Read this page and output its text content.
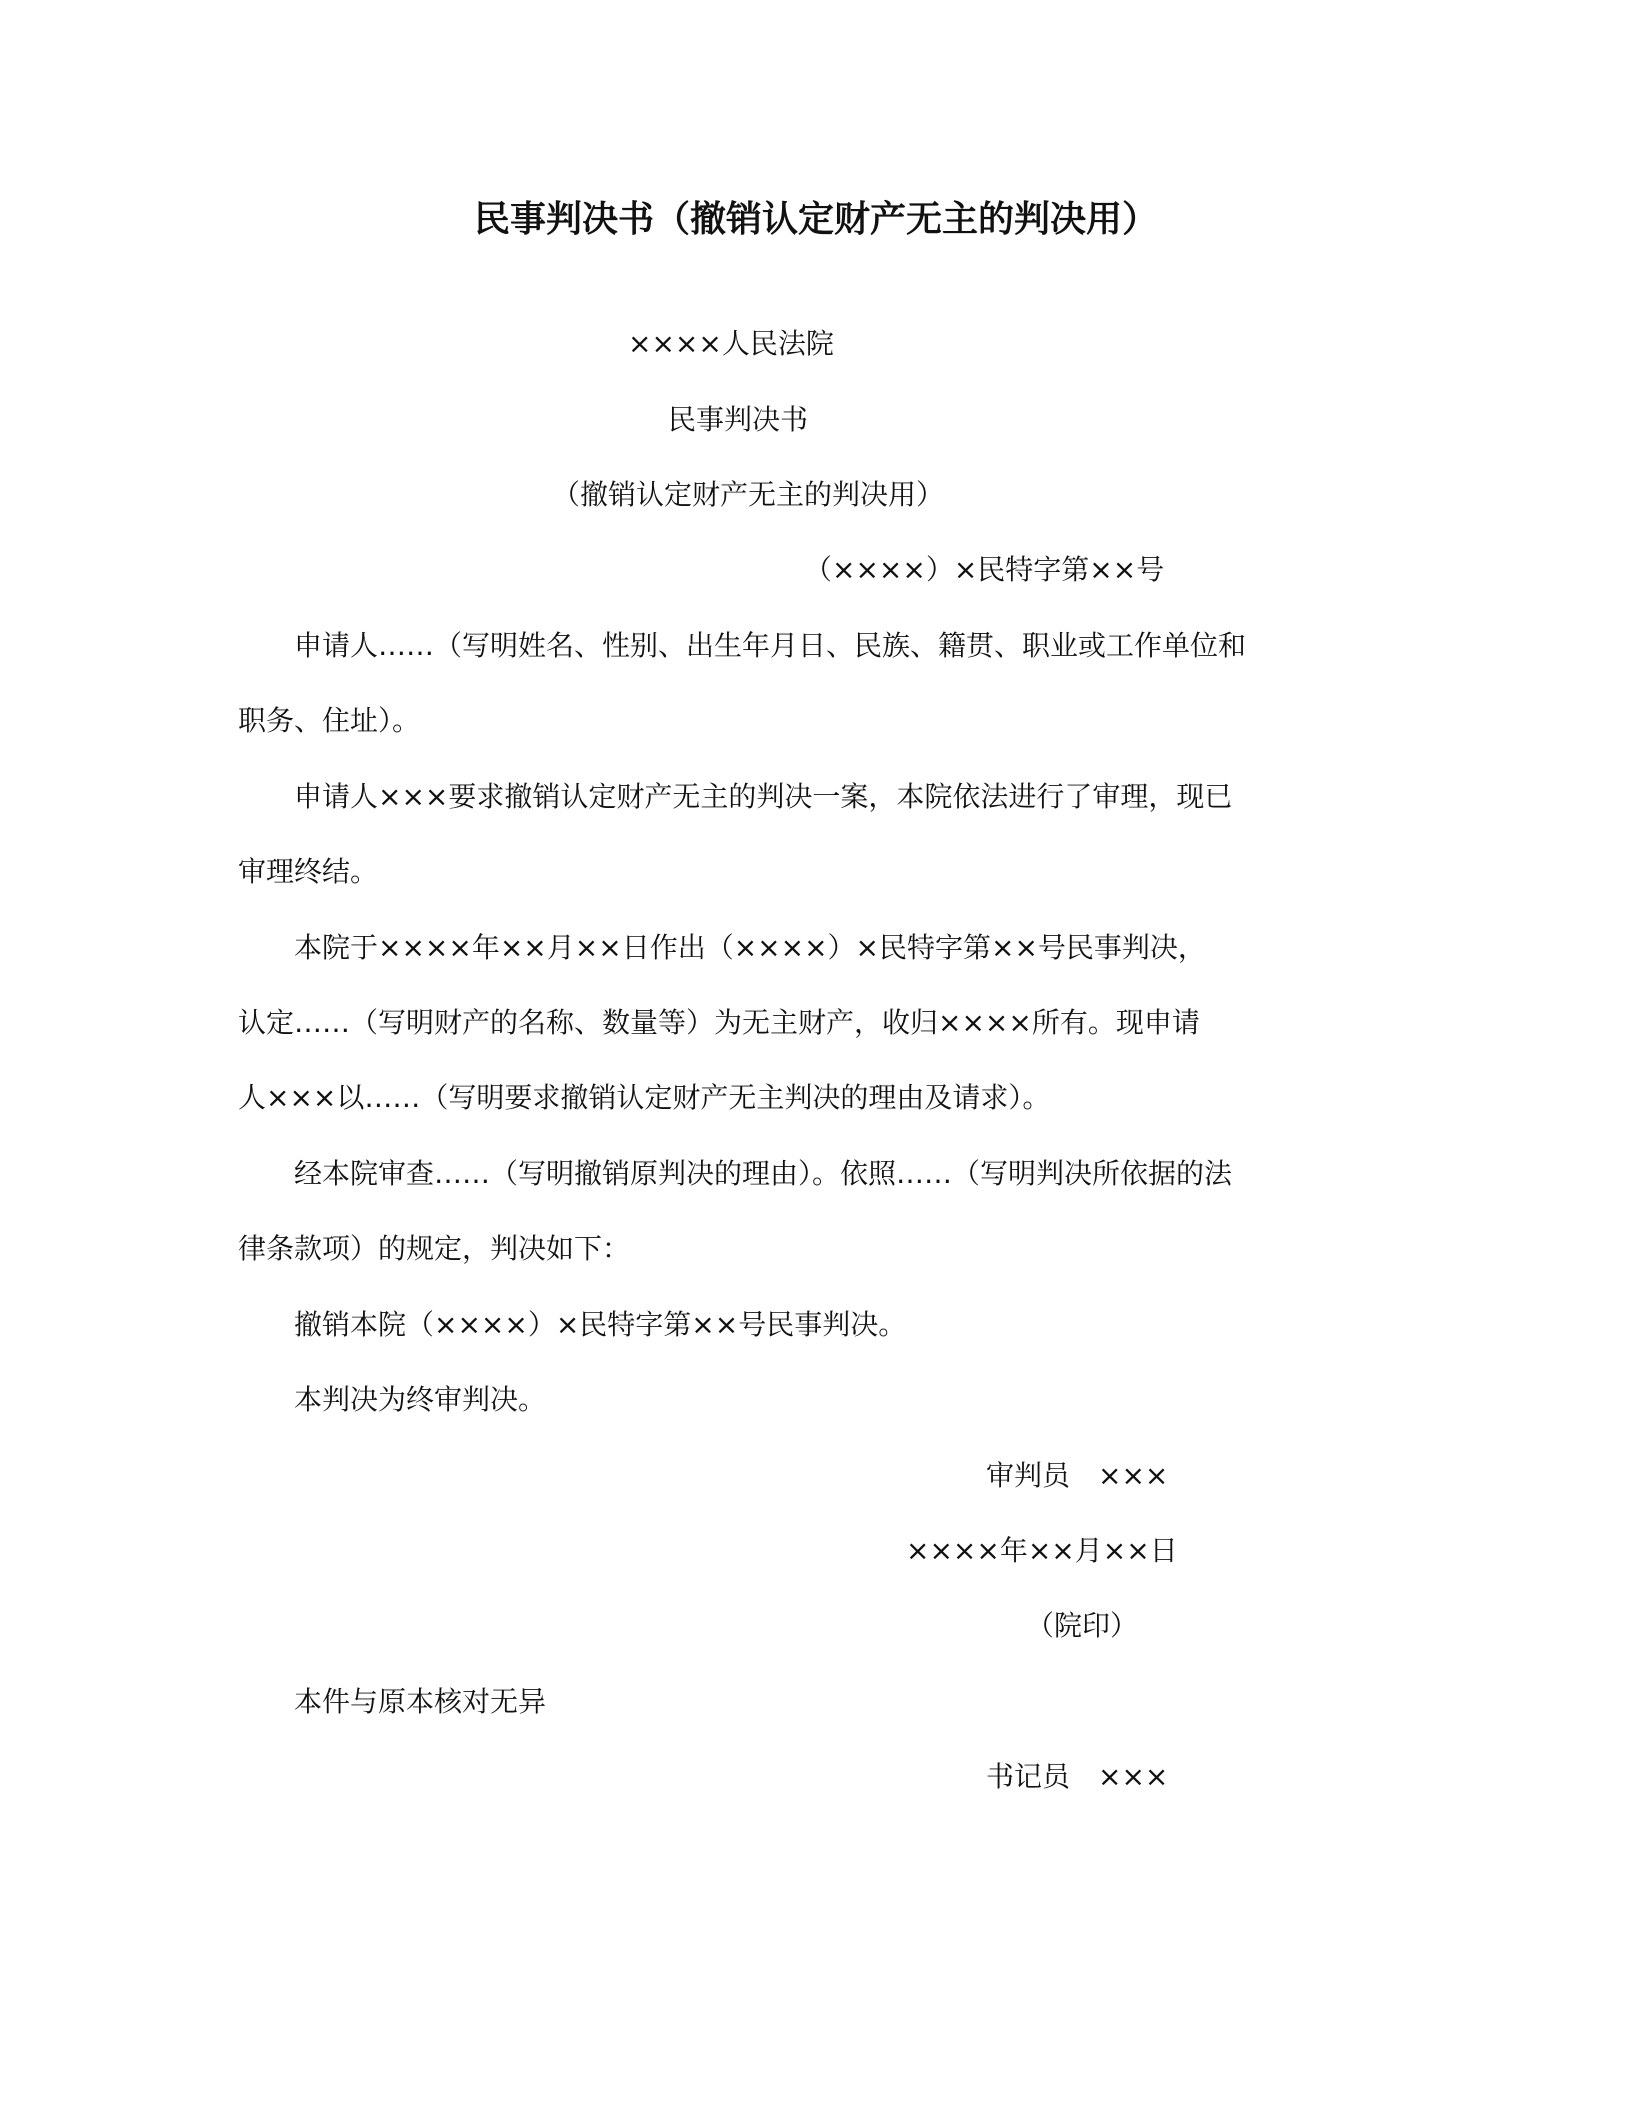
民事判决书（撤销认定财产无主的判决用）
××××人民法院
民事判决书
（撤销认定财产无主的判决用）
（××××）×民特字第××号
申请人……（写明姓名、性别、出生年月日、民族、籍贯、职业或工作单位和
职务、住址）。
申请人×××要求撤销认定财产无主的判决一案，本院依法进行了审理，现已
审理终结。
本院于××××年××月××日作出（××××）×民特字第××号民事判决，
认定……（写明财产的名称、数量等）为无主财产，收归××××所有。现申请
人×××以……（写明要求撤销认定财产无主判决的理由及请求）。
经本院审查……（写明撤销原判决的理由）。依照……（写明判决所依据的法
律条款项）的规定，判决如下：
撤销本院（××××）×民特字第××号民事判决。
本判决为终审判决。
审判员　×××
××××年××月××日
（院印）
本件与原本核对无异
书记员　×××
